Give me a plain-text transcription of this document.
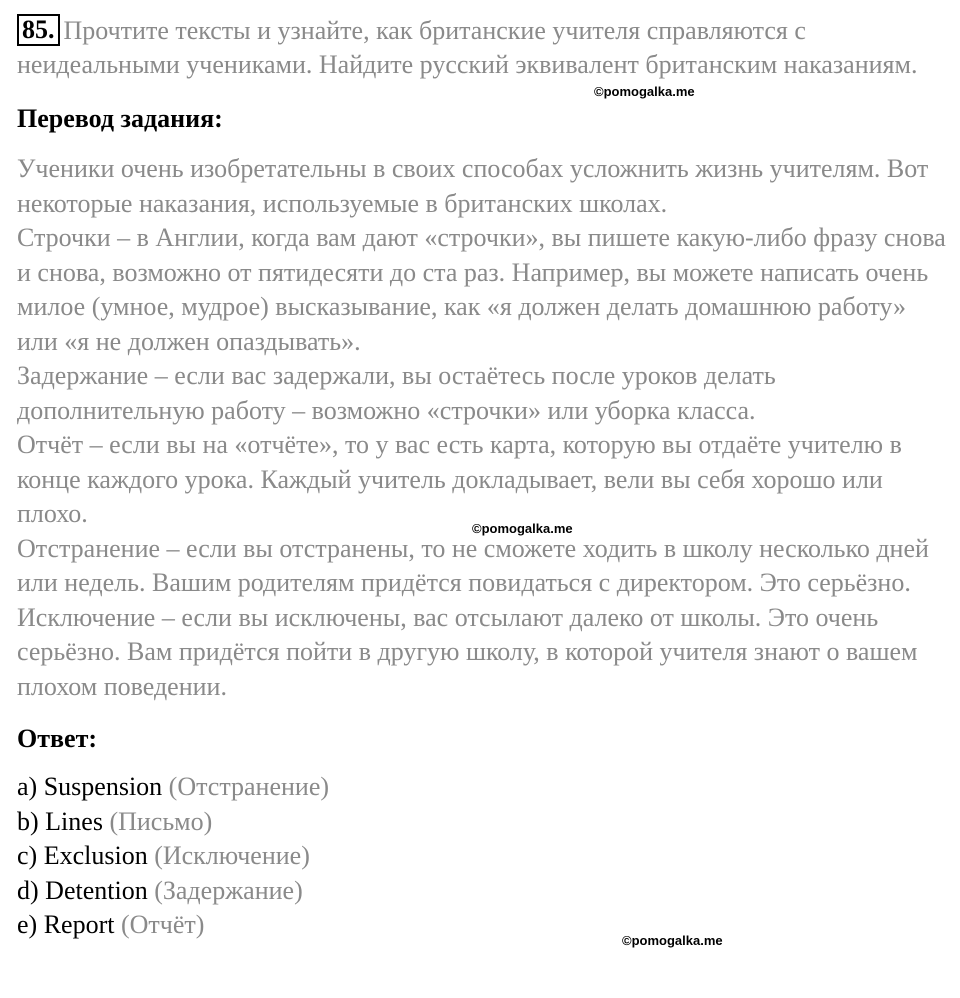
85. Прочтите тексты и узнайте, как британские учителя справляются с неидеальными учениками. Найдите русский эквивалент британским наказаниям.

Перевод задания:

Ученики очень изобретательны в своих способах усложнить жизнь учителям. Вот некоторые наказания, используемые в британских школах.

Строчки – в Англии, когда вам дают «строчки», вы пишете какую-либо фразу снова и снова, возможно от пятидесяти до ста раз. Например, вы можете написать очень милое (умное, мудрое) высказывание, как «я должен делать домашнюю работу» или «я не должен опаздывать».

Задержание – если вас задержали, вы остаётесь после уроков делать дополнительную работу – возможно «строчки» или уборка класса.

Отчёт – если вы на «отчёте», то у вас есть карта, которую вы отдаёте учителю в конце каждого урока. Каждый учитель докладывает, вели вы себя хорошо или плохо.

Отстранение – если вы отстранены, то не сможете ходить в школу несколько дней или недель. Вашим родителям придётся повидаться с директором. Это серьёзно.

Исключение – если вы исключены, вас отсылают далеко от школы. Это очень серьёзно. Вам придётся пойти в другую школу, в которой учителя знают о вашем плохом поведении.

Ответ:
a) Suspension (Отстранение)
b) Lines (Письмо)
c) Exclusion (Исключение)
d) Detention (Задержание)
e) Report (Отчёт)
©pomogalka.me
©pomogalka.me
©pomogalka.me
